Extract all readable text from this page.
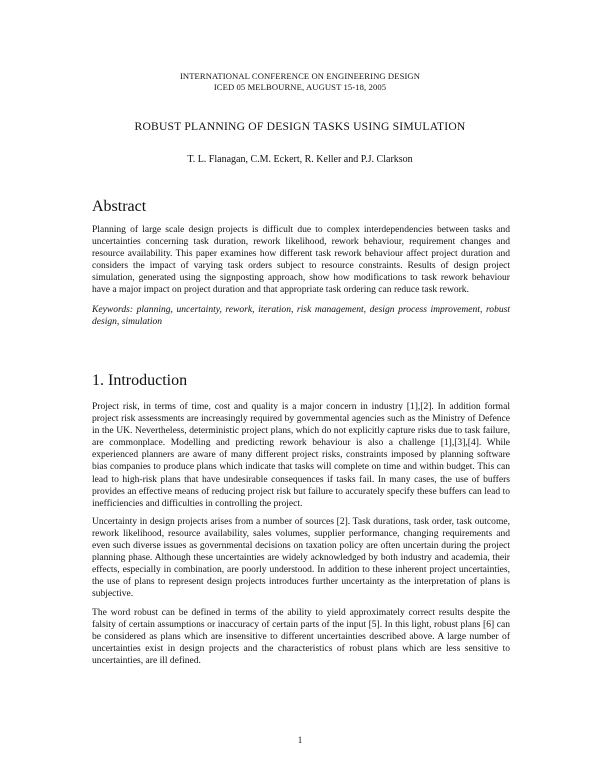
INTERNATIONAL CONFERENCE ON ENGINEERING DESIGN
ICED 05 MELBOURNE, AUGUST 15-18, 2005
ROBUST PLANNING OF DESIGN TASKS USING SIMULATION
T. L. Flanagan, C.M. Eckert, R. Keller and P.J. Clarkson
Abstract

Planning of large scale design projects is difficult due to complex interdependencies between tasks and uncertainties concerning task duration, rework likelihood, rework behaviour, requirement changes and resource availability. This paper examines how different task rework behaviour affect project duration and considers the impact of varying task orders subject to resource constraints. Results of design project simulation, generated using the signposting approach, show how modifications to task rework behaviour have a major impact on project duration and that appropriate task ordering can reduce task rework.

Keywords: planning, uncertainty, rework, iteration, risk management, design process improvement, robust design, simulation

1. Introduction

Project risk, in terms of time, cost and quality is a major concern in industry [1],[2]. In addition formal project risk assessments are increasingly required by governmental agencies such as the Ministry of Defence in the UK. Nevertheless, deterministic project plans, which do not explicitly capture risks due to task failure, are commonplace. Modelling and predicting rework behaviour is also a challenge [1],[3],[4]. While experienced planners are aware of many different project risks, constraints imposed by planning software bias companies to produce plans which indicate that tasks will complete on time and within budget. This can lead to high-risk plans that have undesirable consequences if tasks fail. In many cases, the use of buffers provides an effective means of reducing project risk but failure to accurately specify these buffers can lead to inefficiencies and difficulties in controlling the project.

Uncertainty in design projects arises from a number of sources [2]. Task durations, task order, task outcome, rework likelihood, resource availability, sales volumes, supplier performance, changing requirements and even such diverse issues as governmental decisions on taxation policy are often uncertain during the project planning phase. Although these uncertainties are widely acknowledged by both industry and academia, their effects, especially in combination, are poorly understood. In addition to these inherent project uncertainties, the use of plans to represent design projects introduces further uncertainty as the interpretation of plans is subjective.

The word robust can be defined in terms of the ability to yield approximately correct results despite the falsity of certain assumptions or inaccuracy of certain parts of the input [5]. In this light, robust plans [6] can be considered as plans which are insensitive to different uncertainties described above. A large number of uncertainties exist in design projects and the characteristics of robust plans which are less sensitive to uncertainties, are ill defined.

1
